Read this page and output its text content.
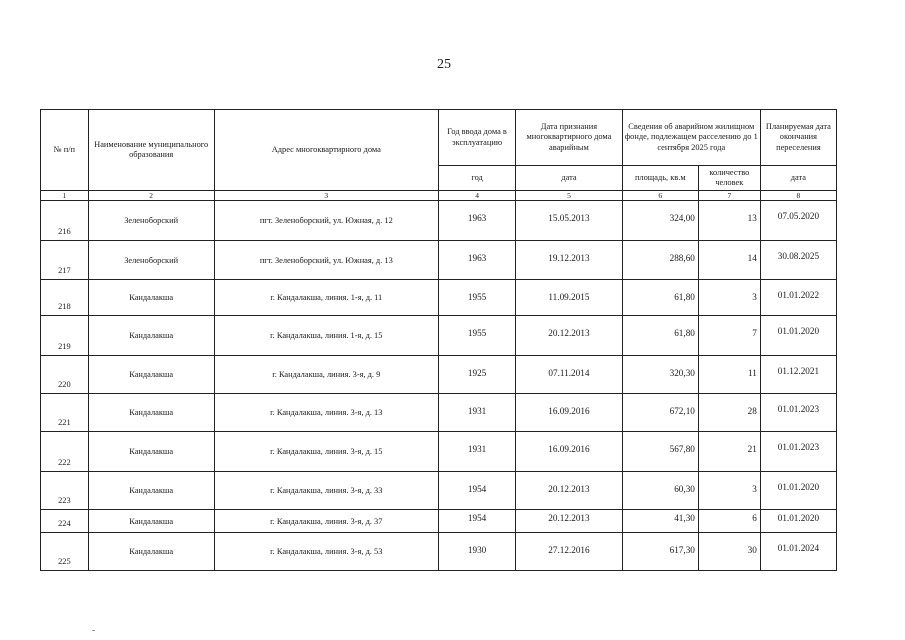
25
№ п/п	Наименование муниципального образования	Адрес многоквартирного дома	Год ввода дома в эксплуатацию	Дата признания многоквартирного дома аварийным	Сведения об аварийном жилищном фонде, подлежащем расселению до 1 сентября 2025 года		Планируемая дата окончания переселения
			год	дата	площадь, кв.м	количество человек	дата
1	2	3	4	5	6	7	8
216	Зеленоборский	пгт. Зеленоборский, ул. Южная, д. 12	1963	15.05.2013	324,00	13	07.05.2020
217	Зеленоборский	пгт. Зеленоборский, ул. Южная, д. 13	1963	19.12.2013	288,60	14	30.08.2025
218	Кандалакша	г. Кандалакша, линия. 1-я, д. 11	1955	11.09.2015	61,80	3	01.01.2022
219	Кандалакша	г. Кандалакша, линия. 1-я, д. 15	1955	20.12.2013	61,80	7	01.01.2020
220	Кандалакша	г. Кандалакша, линия. 3-я, д. 9	1925	07.11.2014	320,30	11	01.12.2021
221	Кандалакша	г. Кандалакша, линия. 3-я, д. 13	1931	16.09.2016	672,10	28	01.01.2023
222	Кандалакша	г. Кандалакша, линия. 3-я, д. 15	1931	16.09.2016	567,80	21	01.01.2023
223	Кандалакша	г. Кандалакша, линия. 3-я, д. 33	1954	20.12.2013	60,30	3	01.01.2020
224	Кандалакша	г. Кандалакша, линия. 3-я, д. 37	1954	20.12.2013	41,30	6	01.01.2020
225	Кандалакша	г. Кандалакша, линия. 3-я, д. 53	1930	27.12.2016	617,30	30	01.01.2024
